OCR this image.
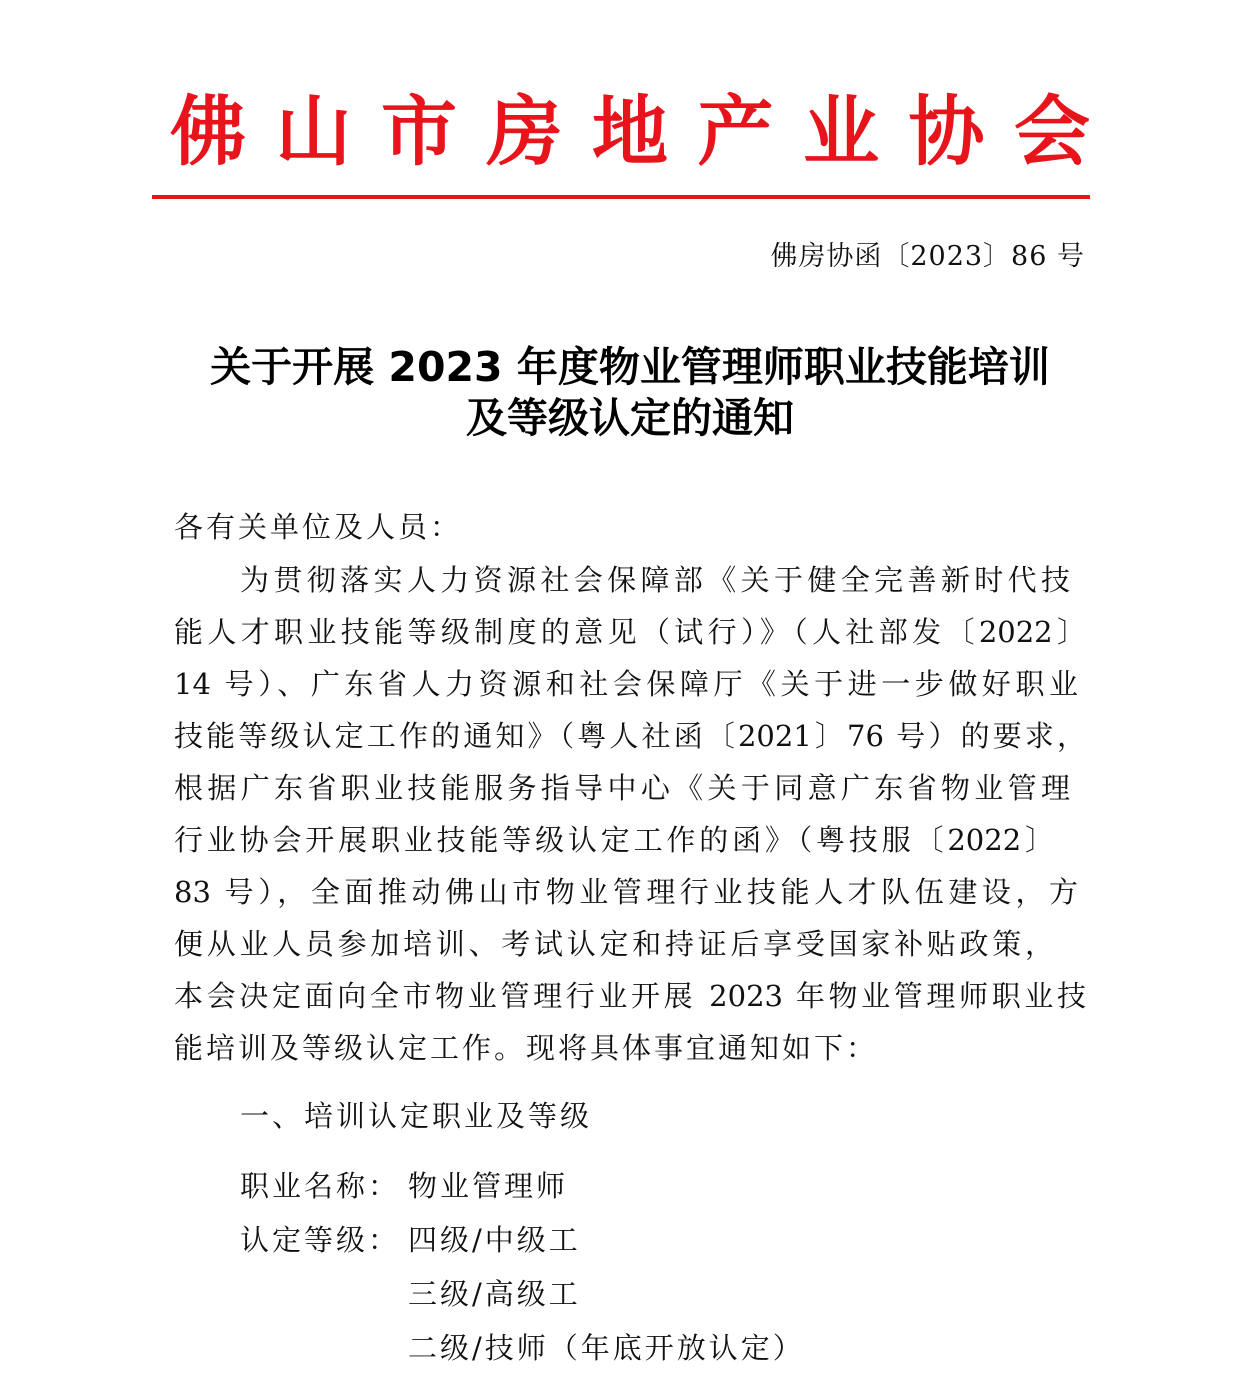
佛 山 市 房 地 产 业 协 会
佛房协函〔2023〕86 号
关于开展 2023 年度物业管理师职业技能培训
及等级认定的通知
各有关单位及人员：
为贯彻落实人力资源社会保障部《关于健全完善新时代技
能人才职业技能等级制度的意见（试行）》（人社部发〔2022〕
14 号）、广东省人力资源和社会保障厅《关于进一步做好职业
技能等级认定工作的通知》（粤人社函〔2021〕76 号）的要求，
根据广东省职业技能服务指导中心《关于同意广东省物业管理
行业协会开展职业技能等级认定工作的函》（粤技服〔2022〕
83 号），全面推动佛山市物业管理行业技能人才队伍建设，方
便从业人员参加培训、考试认定和持证后享受国家补贴政策，
本会决定面向全市物业管理行业开展 2023 年物业管理师职业技
能培训及等级认定工作。现将具体事宜通知如下：
一、培训认定职业及等级
职业名称： 物业管理师
认定等级： 四级/中级工
三级/高级工
二级/技师（年底开放认定）
